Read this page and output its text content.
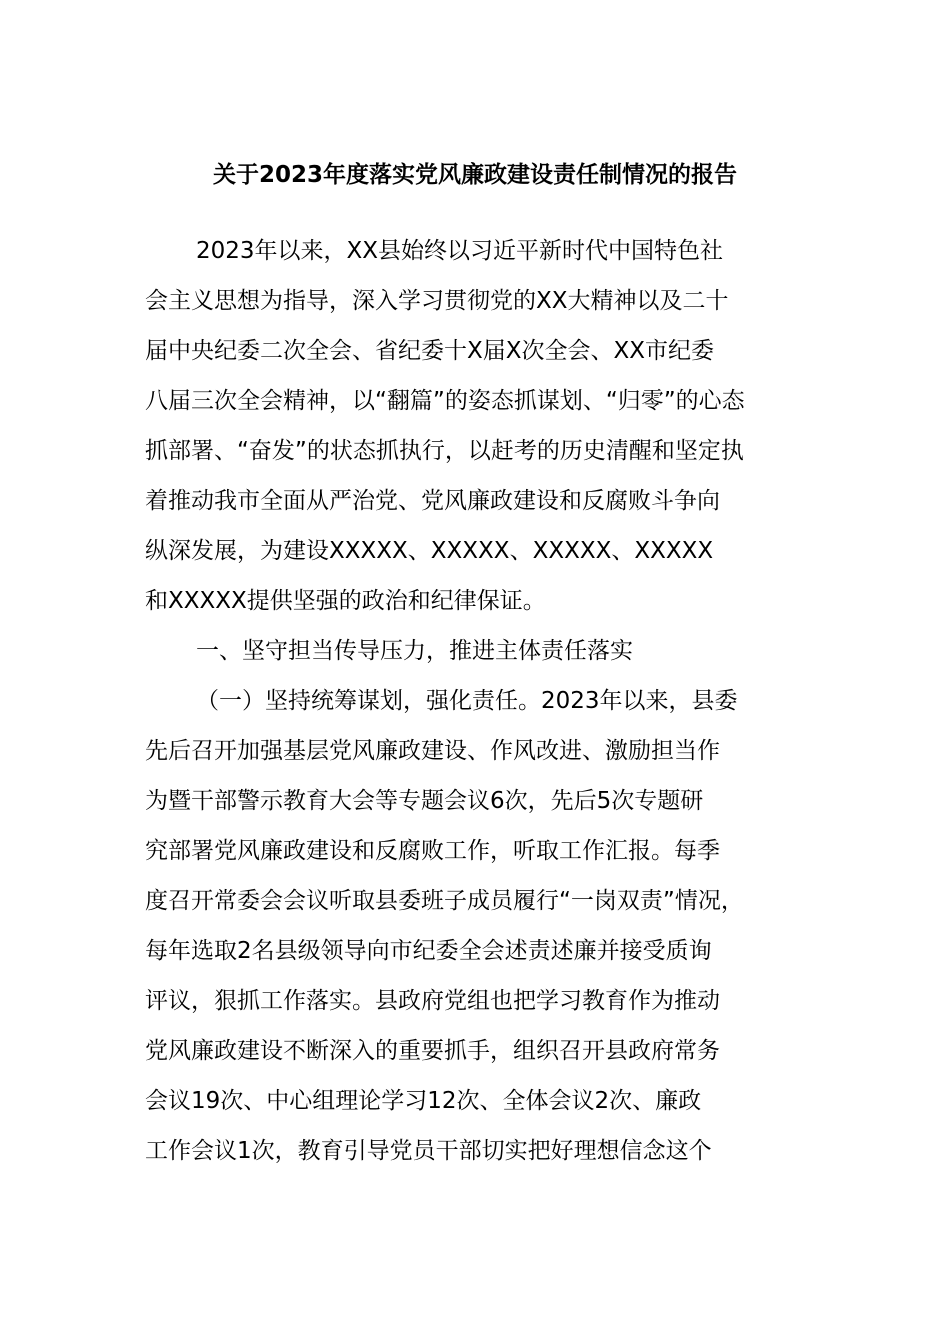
关于2023年度落实党风廉政建设责任制情况的报告
2023年以来，XX县始终以习近平新时代中国特色社
会主义思想为指导，深入学习贯彻党的XX大精神以及二十
届中央纪委二次全会、省纪委十X届X次全会、XX市纪委
八届三次全会精神，以“翻篇”的姿态抓谋划、“归零”的心态
抓部署、“奋发”的状态抓执行，以赶考的历史清醒和坚定执
着推动我市全面从严治党、党风廉政建设和反腐败斗争向
纵深发展，为建设XXXXX、XXXXX、XXXXX、XXXXX
和XXXXX提供坚强的政治和纪律保证。
一、坚守担当传导压力，推进主体责任落实
（一）坚持统筹谋划，强化责任。2023年以来，县委
先后召开加强基层党风廉政建设、作风改进、激励担当作
为暨干部警示教育大会等专题会议6次，先后5次专题研
究部署党风廉政建设和反腐败工作，听取工作汇报。每季
度召开常委会会议听取县委班子成员履行“一岗双责”情况，
每年选取2名县级领导向市纪委全会述责述廉并接受质询
评议，狠抓工作落实。县政府党组也把学习教育作为推动
党风廉政建设不断深入的重要抓手，组织召开县政府常务
会议19次、中心组理论学习12次、全体会议2次、廉政
工作会议1次，教育引导党员干部切实把好理想信念这个
